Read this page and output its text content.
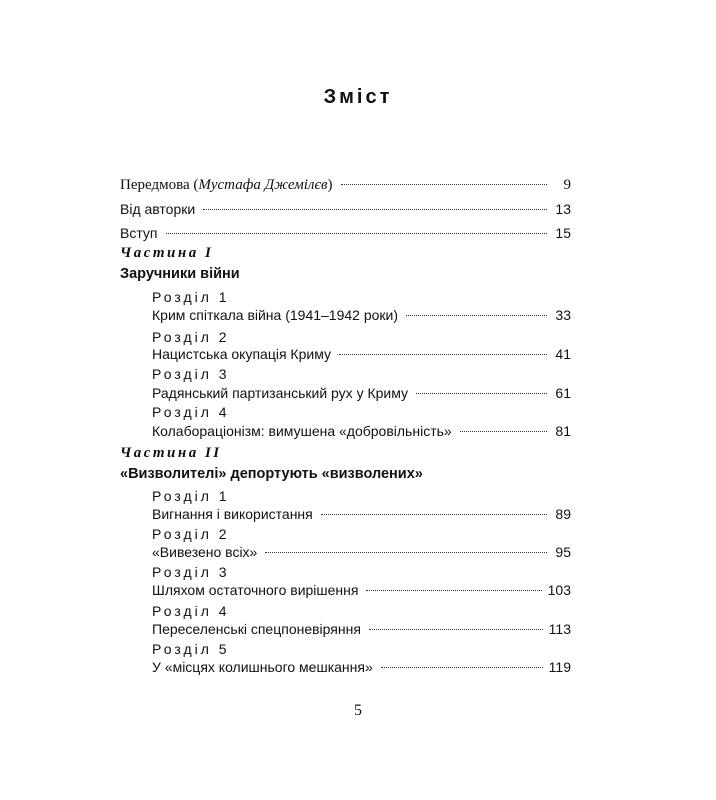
Зміст
Передмова (Мустафа Джемілєв)	9
Від авторки	13
Вступ	15
Частина I
Заручники війни
Розділ 1
Крим спіткала війна (1941–1942 роки)	33
Розділ 2
Нацистська окупація Криму	41
Розділ 3
Радянський партизанський рух у Криму	61
Розділ 4
Колабораціонізм: вимушена «добровільність»	81
Частина II
«Визволителі» депортують «визволених»
Розділ 1
Вигнання і використання	89
Розділ 2
«Вивезено всіх»	95
Розділ 3
Шляхом остаточного вирішення	103
Розділ 4
Переселенські спецпоневіряння	113
Розділ 5
У «місцях колишнього мешкання»	119
5
